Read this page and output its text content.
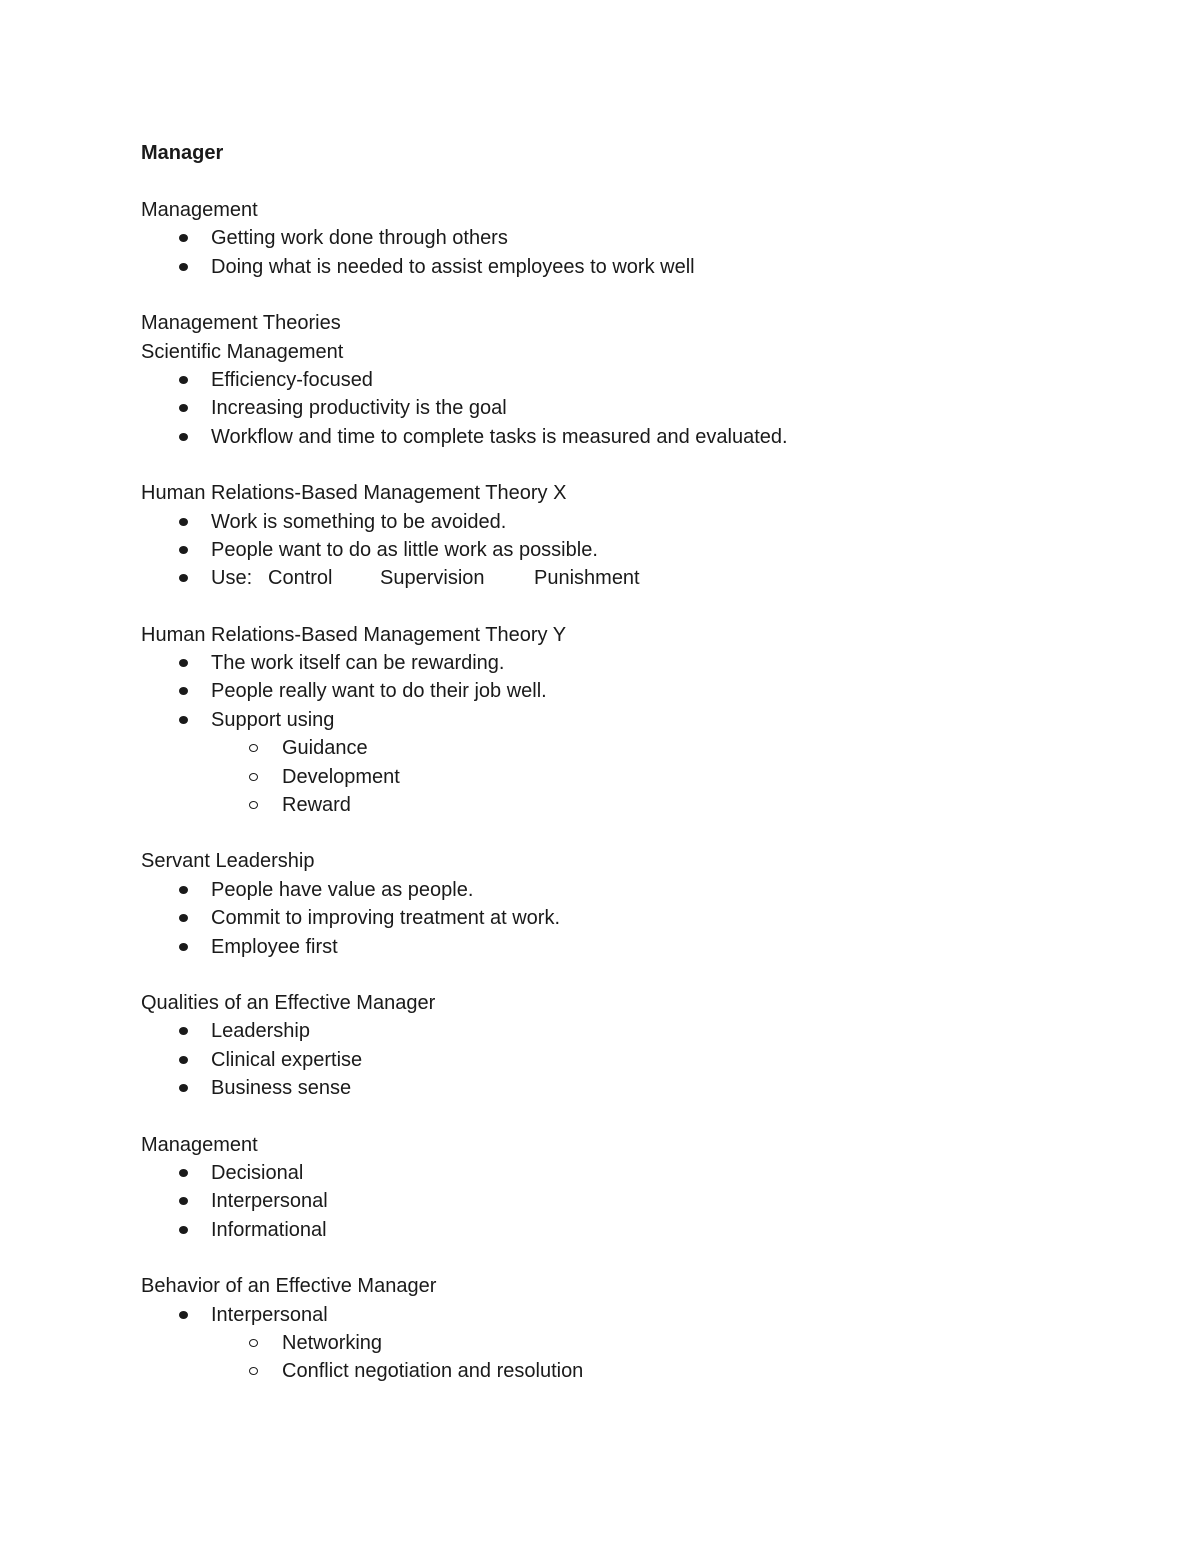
Manager
Management
Getting work done through others
Doing what is needed to assist employees to work well
Management Theories
Scientific Management
Efficiency-focused
Increasing productivity is the goal
Workflow and time to complete tasks is measured and evaluated.
Human Relations-Based Management Theory X
Work is something to be avoided.
People want to do as little work as possible.
Use: Control Supervision Punishment
Human Relations-Based Management Theory Y
The work itself can be rewarding.
People really want to do their job well.
Support using
Guidance
Development
Reward
Servant Leadership
People have value as people.
Commit to improving treatment at work.
Employee first
Qualities of an Effective Manager
Leadership
Clinical expertise
Business sense
Management
Decisional
Interpersonal
Informational
Behavior of an Effective Manager
Interpersonal
Networking
Conflict negotiation and resolution
